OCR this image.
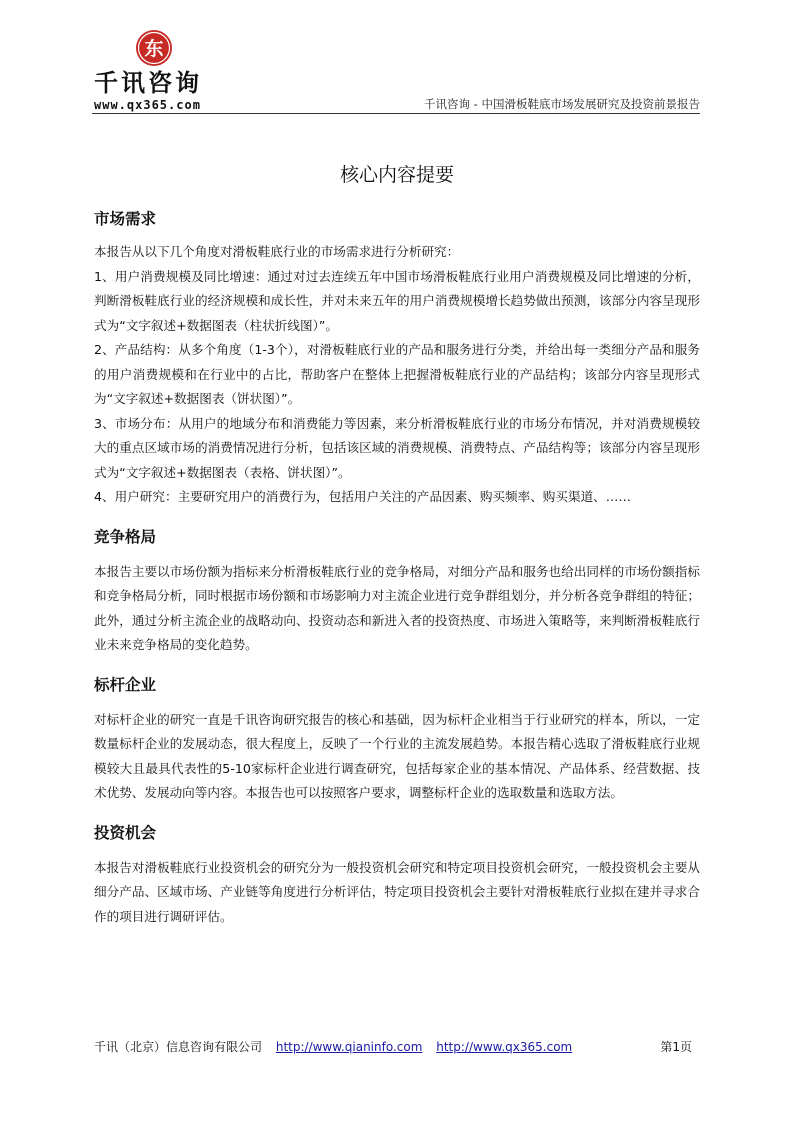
东
千讯咨询
www.qx365.com	千讯咨询 - 中国滑板鞋底市场发展研究及投资前景报告
核心内容提要
市场需求

本报告从以下几个角度对滑板鞋底行业的市场需求进行分析研究：

1、用户消费规模及同比增速：通过对过去连续五年中国市场滑板鞋底行业用户消费规模及同比增速的分析，判断滑板鞋底行业的经济规模和成长性，并对未来五年的用户消费规模增长趋势做出预测，该部分内容呈现形式为“文字叙述+数据图表（柱状折线图）”。

2、产品结构：从多个角度（1-3个），对滑板鞋底行业的产品和服务进行分类，并给出每一类细分产品和服务的用户消费规模和在行业中的占比，帮助客户在整体上把握滑板鞋底行业的产品结构；该部分内容呈现形式为“文字叙述+数据图表（饼状图）”。

3、市场分布：从用户的地域分布和消费能力等因素，来分析滑板鞋底行业的市场分布情况，并对消费规模较大的重点区域市场的消费情况进行分析，包括该区域的消费规模、消费特点、产品结构等；该部分内容呈现形式为“文字叙述+数据图表（表格、饼状图）”。

4、用户研究：主要研究用户的消费行为，包括用户关注的产品因素、购买频率、购买渠道、……

竞争格局

本报告主要以市场份额为指标来分析滑板鞋底行业的竞争格局，对细分产品和服务也给出同样的市场份额指标和竞争格局分析，同时根据市场份额和市场影响力对主流企业进行竞争群组划分，并分析各竞争群组的特征；此外，通过分析主流企业的战略动向、投资动态和新进入者的投资热度、市场进入策略等，来判断滑板鞋底行业未来竞争格局的变化趋势。

标杆企业

对标杆企业的研究一直是千讯咨询研究报告的核心和基础，因为标杆企业相当于行业研究的样本，所以，一定数量标杆企业的发展动态，很大程度上，反映了一个行业的主流发展趋势。本报告精心选取了滑板鞋底行业规模较大且最具代表性的5-10家标杆企业进行调查研究，包括每家企业的基本情况、产品体系、经营数据、技术优势、发展动向等内容。本报告也可以按照客户要求，调整标杆企业的选取数量和选取方法。

投资机会

本报告对滑板鞋底行业投资机会的研究分为一般投资机会研究和特定项目投资机会研究，一般投资机会主要从细分产品、区域市场、产业链等角度进行分析评估，特定项目投资机会主要针对滑板鞋底行业拟在建并寻求合作的项目进行调研评估。

千讯（北京）信息咨询有限公司 http://www.qianinfo.com http://www.qx365.com	第1页
